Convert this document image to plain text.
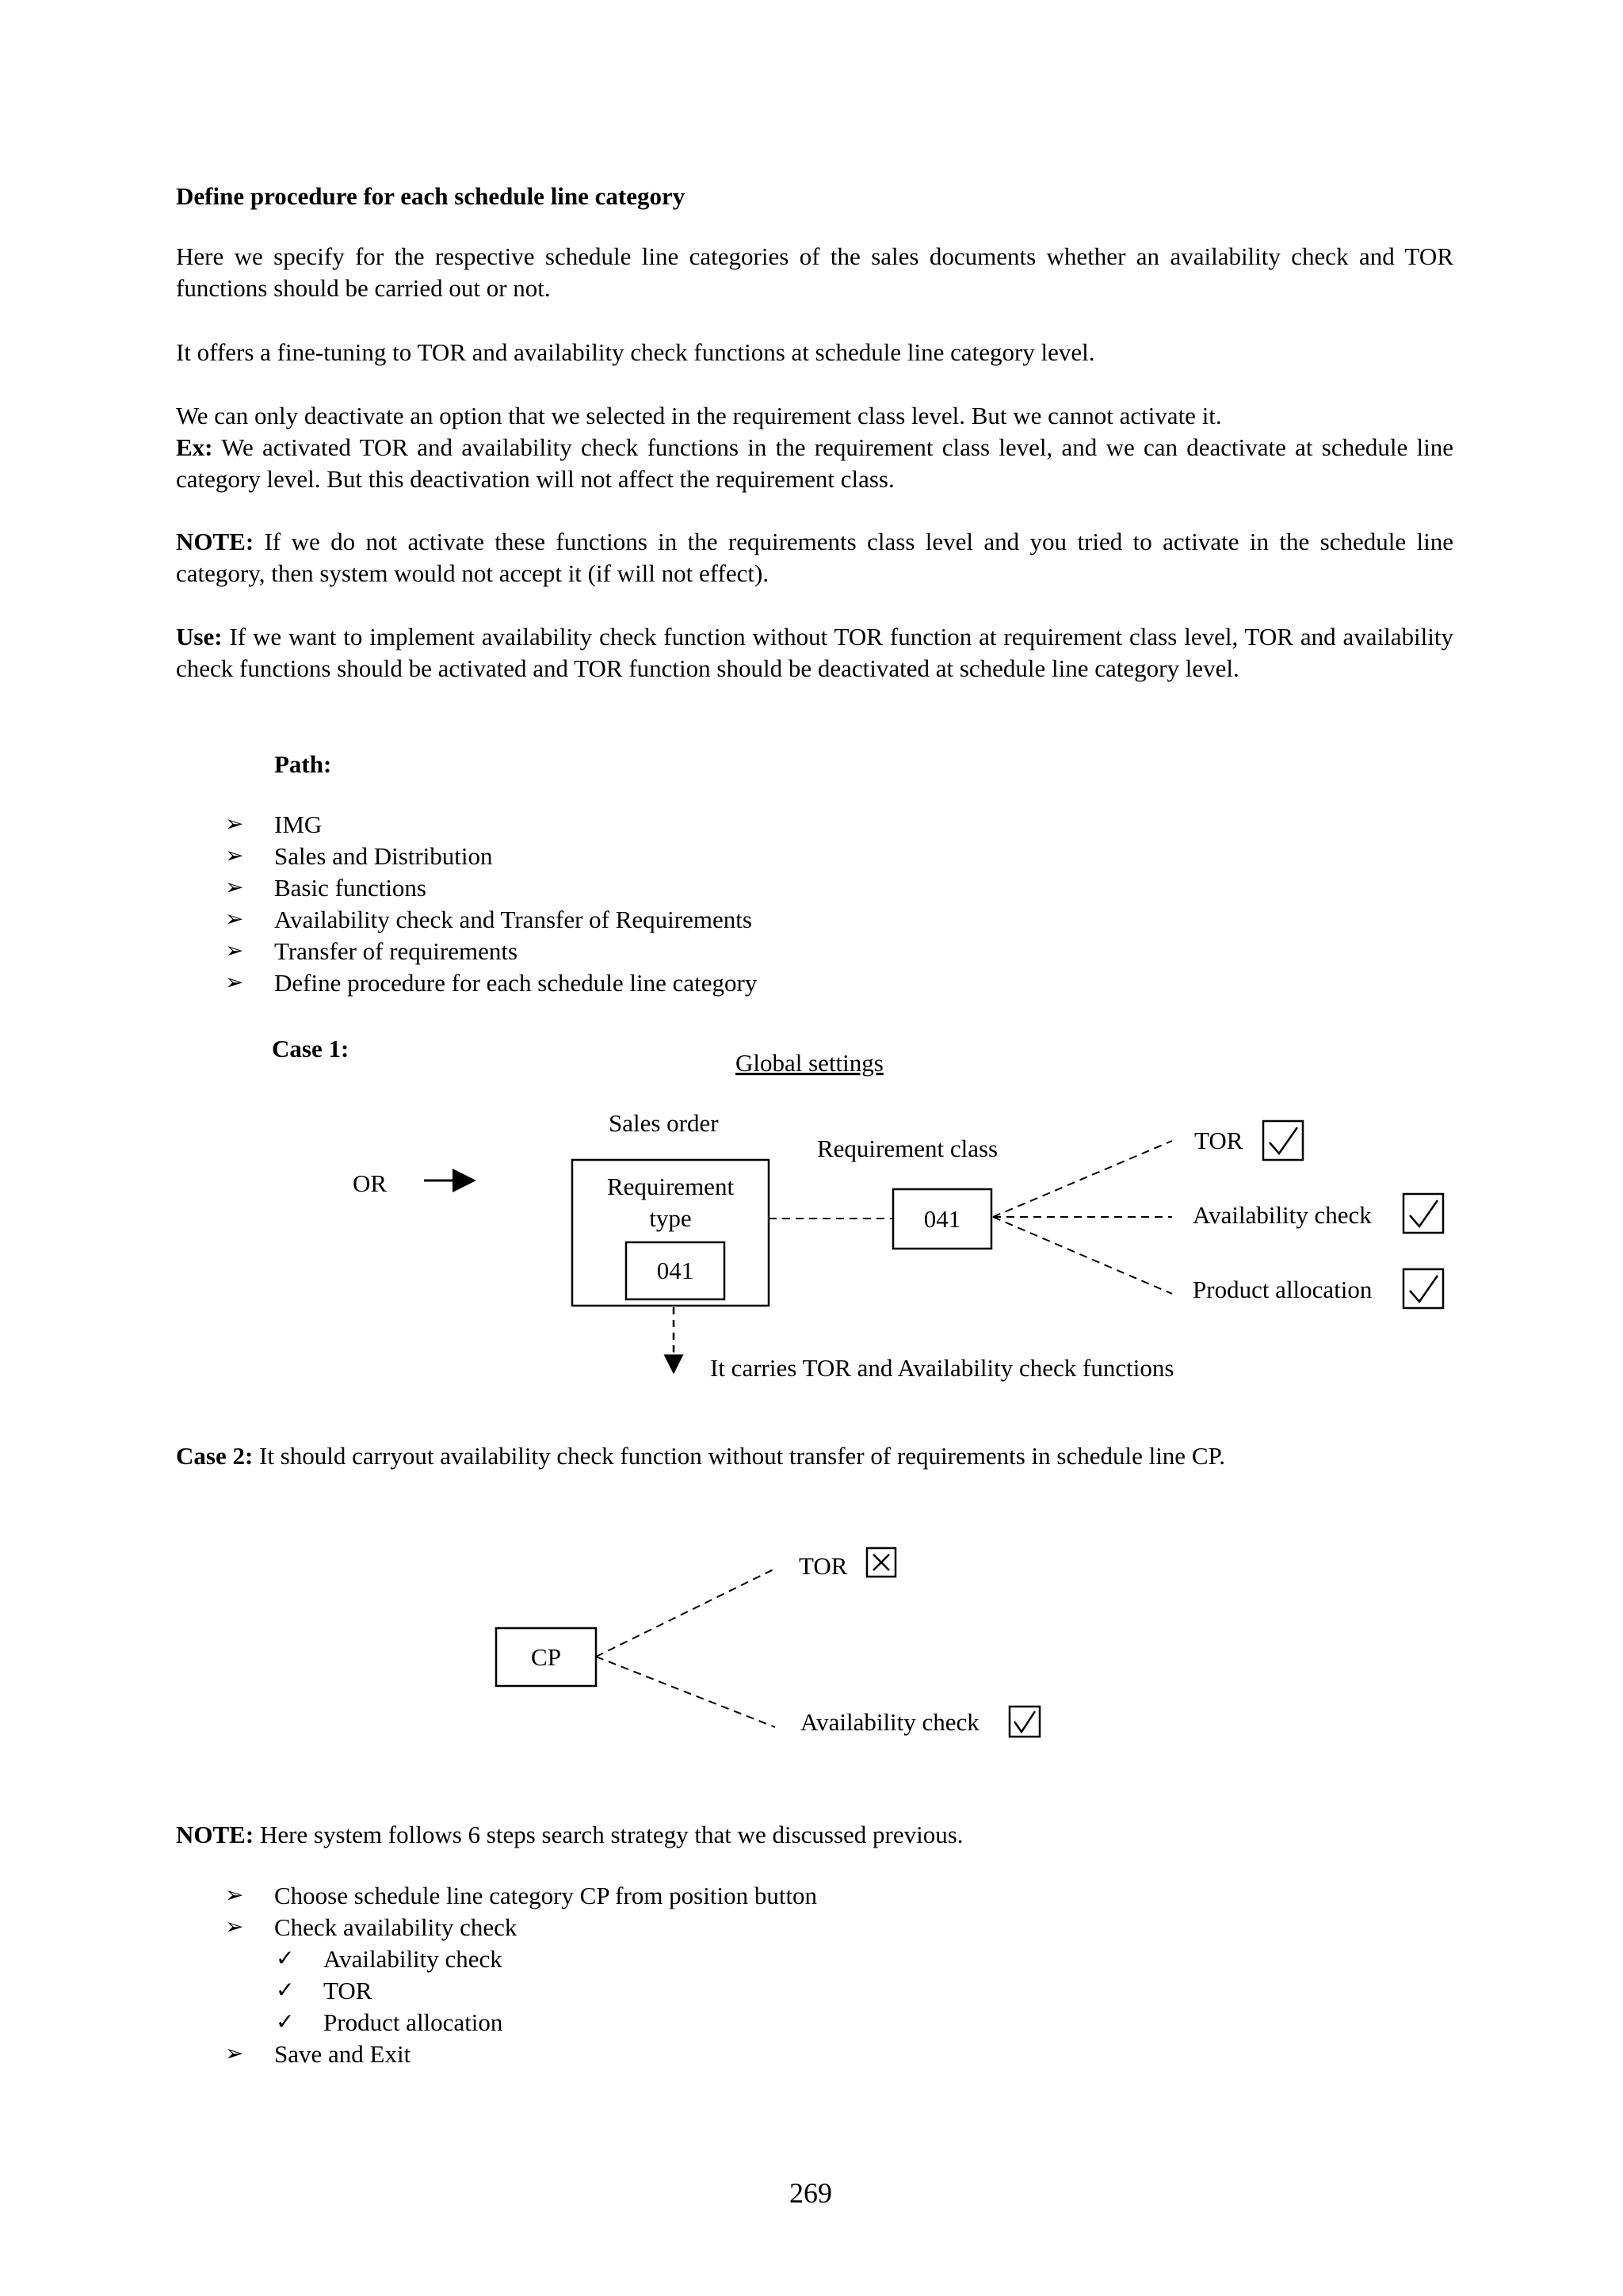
Define procedure for each schedule line category
Here we specify for the respective schedule line categories of the sales documents whether an availability check and TOR functions should be carried out or not.
It offers a fine-tuning to TOR and availability check functions at schedule line category level.
We can only deactivate an option that we selected in the requirement class level. But we cannot activate it.
Ex: We activated TOR and availability check functions in the requirement class level, and we can deactivate at schedule line category level. But this deactivation will not affect the requirement class.
NOTE: If we do not activate these functions in the requirements class level and you tried to activate in the schedule line category, then system would not accept it (if will not effect).
Use: If we want to implement availability check function without TOR function at requirement class level, TOR and availability check functions should be activated and TOR function should be deactivated at schedule line category level.
Path:
➢ IMG
➢ Sales and Distribution
➢ Basic functions
➢ Availability check and Transfer of Requirements
➢ Transfer of requirements
➢ Define procedure for each schedule line category
Case 1:
Global settings
Sales order
OR	Requirement
type
041
Requirement class
041
TOR
Availability check
Product allocation
It carries TOR and Availability check functions
Case 2: It should carryout availability check function without transfer of requirements in schedule line CP.
CP
TOR
Availability check
NOTE: Here system follows 6 steps search strategy that we discussed previous.
➢ Choose schedule line category CP from position button
➢ Check availability check
✓ Availability check
✓ TOR
✓ Product allocation
➢ Save and Exit
269
